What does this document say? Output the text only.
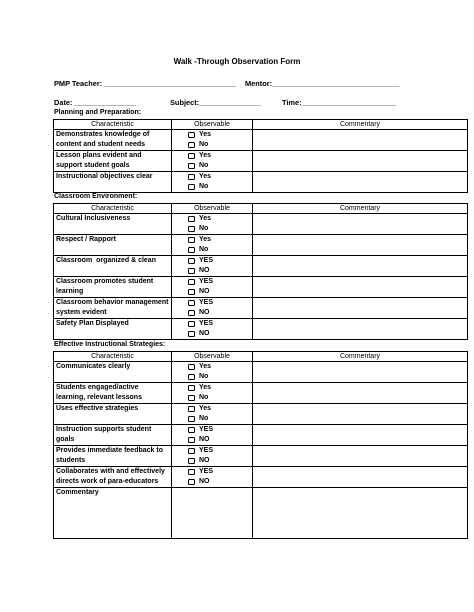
Walk -Through Observation Form
PMP Teacher: ________________________________ Mentor:_______________________________
Date: _______________	Subject:_______________	Time:_______________________
Planning and Preparation:
Characteristic	Observable	Commentary
Demonstrates knowledge of content and student needs	Yes
No	

Lesson plans evident and support student goals	Yes
No	

Instructional objectives clear	Yes
No	

Classroom Environment:
Characteristic	Observable	Commentary
Cultural Inclusiveness	Yes
No	

Respect / Rapport	Yes
No	

Classroom  organized & clean	YES
NO	

Classroom promotes student learning	YES
NO	

Classroom behavior management system evident	YES
NO	

Safety Plan Displayed	YES
NO	

Effective Instructional Strategies:
Characteristic	Observable	Commentary
Communicates clearly	Yes
No	

Students engaged/active learning, relevant lessons	Yes
No	

Uses effective strategies	Yes
No	

Instruction supports student goals	YES
NO	

Provides immediate feedback to students	YES
NO	

Collaborates with and effectively directs work of para-educators	YES
NO	

Commentary		
